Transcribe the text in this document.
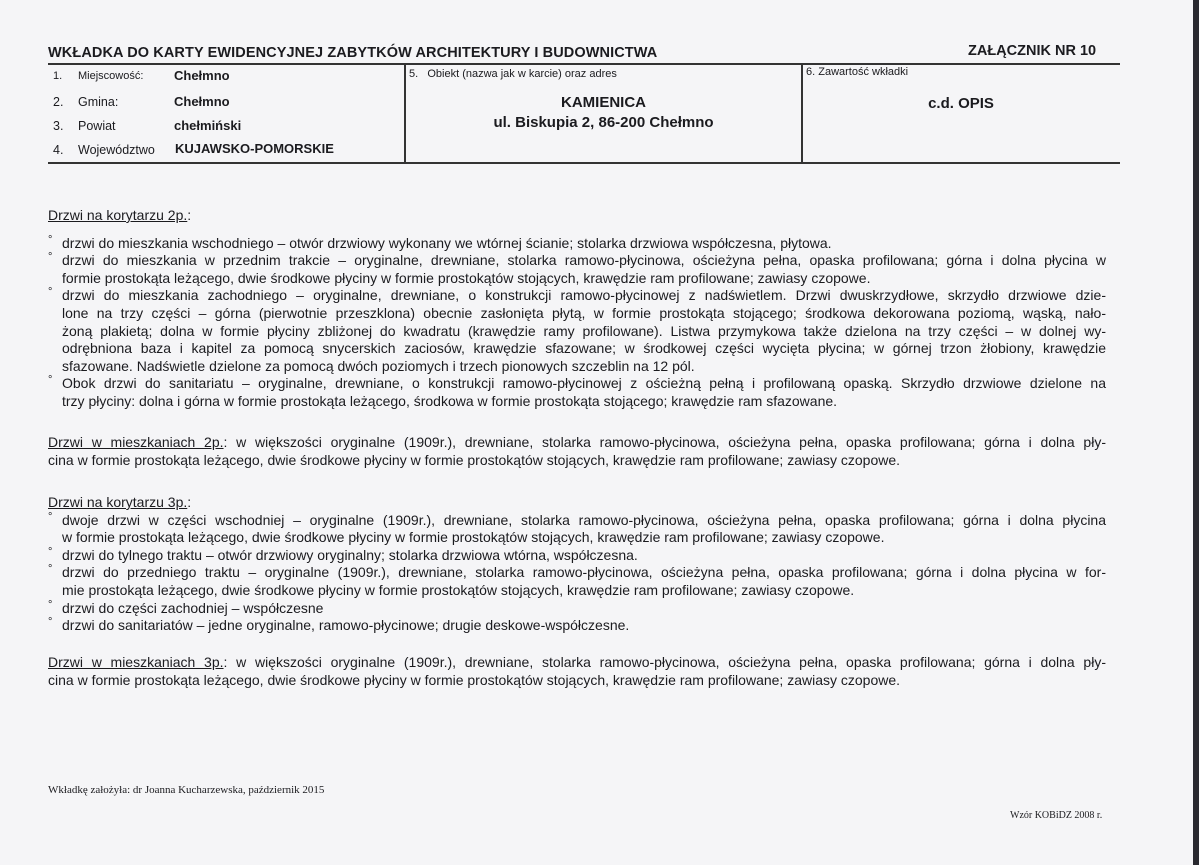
WKŁADKA DO KARTY EWIDENCYJNEJ ZABYTKÓW ARCHITEKTURY I BUDOWNICTWA	ZAŁĄCZNIK NR 10
1. Miejscowość: Chełmno
2. Gmina:	Chełmno
3. Powiat	chełmiński
4. Województwo KUJAWSKO-POMORSKIE
5.   Obiekt (nazwa jak w karcie) oraz adres
KAMIENICA
ul. Biskupia 2, 86-200 Chełmno
6. Zawartość wkładki
c.d. OPIS
Drzwi na korytarzu 2p.:
° drzwi do mieszkania wschodniego – otwór drzwiowy wykonany we wtórnej ścianie; stolarka drzwiowa współczesna, płytowa.
° drzwi do mieszkania w przednim trakcie – oryginalne, drewniane, stolarka ramowo-płycinowa, ościeżyna pełna, opaska profilowana; górna i dolna płycina w
formie prostokąta leżącego, dwie środkowe płyciny w formie prostokątów stojących, krawędzie ram profilowane; zawiasy czopowe.
° drzwi do mieszkania zachodniego – oryginalne, drewniane, o konstrukcji ramowo-płycinowej z nadświetlem. Drzwi dwuskrzydłowe, skrzydło drzwiowe dzie-
lone na trzy części – górna (pierwotnie przeszklona) obecnie zasłonięta płytą, w formie prostokąta stojącego; środkowa dekorowana poziomą, wąską, nało-
żoną plakietą; dolna w formie płyciny zbliżonej do kwadratu (krawędzie ramy profilowane). Listwa przymykowa także dzielona na trzy części – w dolnej wy-
odrębniona baza i kapitel za pomocą snycerskich zaciosów, krawędzie sfazowane; w środkowej części wycięta płycina; w górnej trzon żłobiony, krawędzie
sfazowane. Nadświetle dzielone za pomocą dwóch poziomych i trzech pionowych szczeblin na 12 pól.
° Obok drzwi do sanitariatu – oryginalne, drewniane, o konstrukcji ramowo-płycinowej z ościeżną pełną i profilowaną opaską. Skrzydło drzwiowe dzielone na
trzy płyciny: dolna i górna w formie prostokąta leżącego, środkowa w formie prostokąta stojącego; krawędzie ram sfazowane.
Drzwi w mieszkaniach 2p.: w większości oryginalne (1909r.), drewniane, stolarka ramowo-płycinowa, ościeżyna pełna, opaska profilowana; górna i dolna pły-
cina w formie prostokąta leżącego, dwie środkowe płyciny w formie prostokątów stojących, krawędzie ram profilowane; zawiasy czopowe.
Drzwi na korytarzu 3p.:
° dwoje drzwi w części wschodniej – oryginalne (1909r.), drewniane, stolarka ramowo-płycinowa, ościeżyna pełna, opaska profilowana; górna i dolna płycina
w formie prostokąta leżącego, dwie środkowe płyciny w formie prostokątów stojących, krawędzie ram profilowane; zawiasy czopowe.
° drzwi do tylnego traktu – otwór drzwiowy oryginalny; stolarka drzwiowa wtórna, współczesna.
° drzwi do przedniego traktu – oryginalne (1909r.), drewniane, stolarka ramowo-płycinowa, ościeżyna pełna, opaska profilowana; górna i dolna płycina w for-
mie prostokąta leżącego, dwie środkowe płyciny w formie prostokątów stojących, krawędzie ram profilowane; zawiasy czopowe.
° drzwi do części zachodniej – współczesne
° drzwi do sanitariatów – jedne oryginalne, ramowo-płycinowe; drugie deskowe-współczesne.
Drzwi w mieszkaniach 3p.: w większości oryginalne (1909r.), drewniane, stolarka ramowo-płycinowa, ościeżyna pełna, opaska profilowana; górna i dolna pły-
cina w formie prostokąta leżącego, dwie środkowe płyciny w formie prostokątów stojących, krawędzie ram profilowane; zawiasy czopowe.
Wkładkę założyła: dr Joanna Kucharzewska, październik 2015
Wzór KOBiDZ 2008 r.
